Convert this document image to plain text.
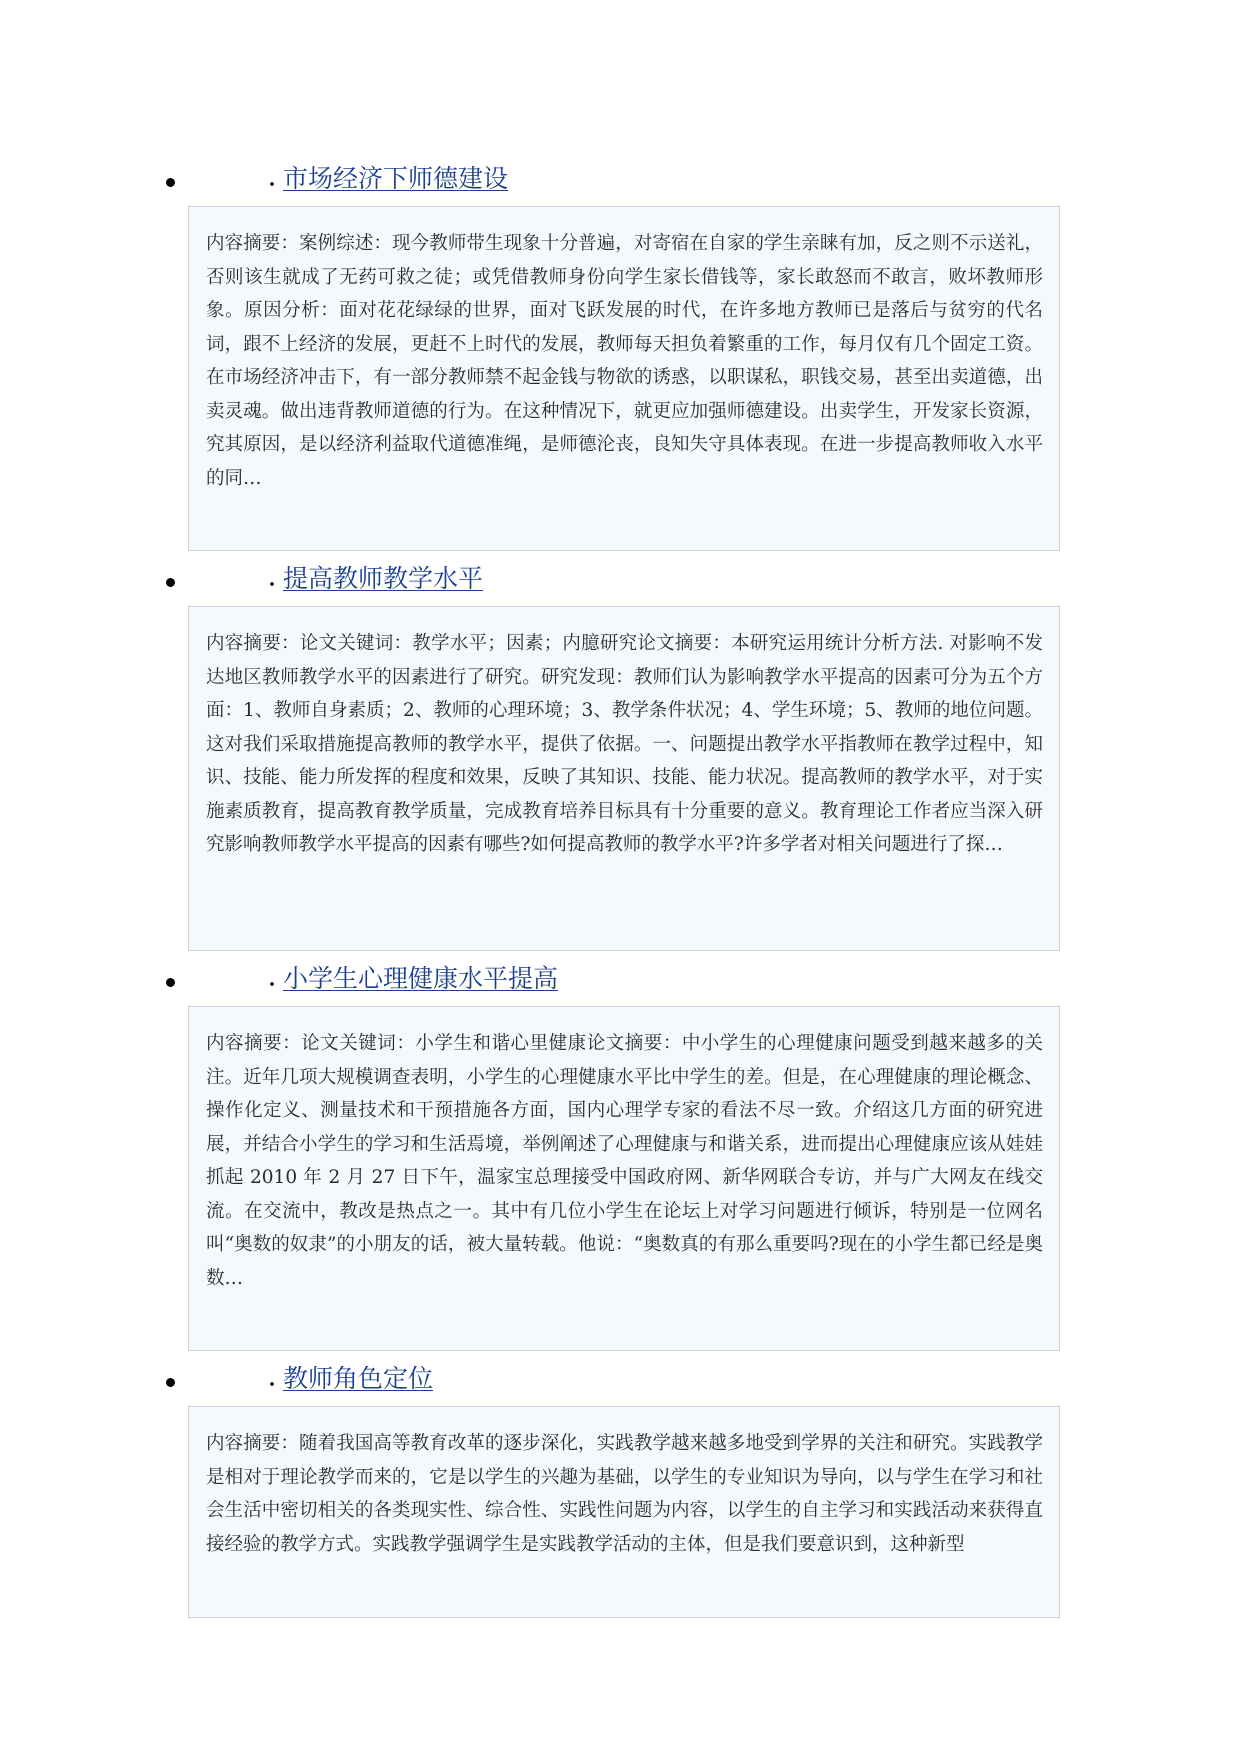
市场经济下师德建设

内容摘要：案例综述：现今教师带生现象十分普遍，对寄宿在自家的学生亲睐有加，反之则不示送礼，否则该生就成了无药可救之徒；或凭借教师身份向学生家长借钱等，家长敢怒而不敢言，败坏教师形象。原因分析：面对花花绿绿的世界，面对飞跃发展的时代，在许多地方教师已是落后与贫穷的代名词，跟不上经济的发展，更赶不上时代的发展，教师每天担负着繁重的工作，每月仅有几个固定工资。在市场经济冲击下，有一部分教师禁不起金钱与物欲的诱惑，以职谋私，职钱交易，甚至出卖道德，出卖灵魂。做出违背教师道德的行为。在这种情况下，就更应加强师德建设。出卖学生，开发家长资源，究其原因，是以经济利益取代道德准绳，是师德沦丧，良知失守具体表现。在进一步提高教师收入水平的同…

提高教师教学水平

内容摘要：论文关键词：教学水平；因素；内臆研究论文摘要：本研究运用统计分析方法. 对影响不发达地区教师教学水平的因素进行了研究。研究发现：教师们认为影响教学水平提高的因素可分为五个方面：1、教师自身素质；2、教师的心理环境；3、教学条件状况；4、学生环境；5、教师的地位问题。这对我们采取措施提高教师的教学水平，提供了依据。一、问题提出教学水平指教师在教学过程中，知识、技能、能力所发挥的程度和效果，反映了其知识、技能、能力状况。提高教师的教学水平，对于实施素质教育，提高教育教学质量，完成教育培养目标具有十分重要的意义。教育理论工作者应当深入研究影响教师教学水平提高的因素有哪些?如何提高教师的教学水平?许多学者对相关问题进行了探…

小学生心理健康水平提高

内容摘要：论文关键词：小学生和谐心里健康论文摘要：中小学生的心理健康问题受到越来越多的关注。近年几项大规模调查表明，小学生的心理健康水平比中学生的差。但是，在心理健康的理论概念、操作化定义、测量技术和干预措施各方面，国内心理学专家的看法不尽一致。介绍这几方面的研究进展，并结合小学生的学习和生活焉境，举例阐述了心理健康与和谐关系，进而提出心理健康应该从娃娃抓起 2010 年 2 月 27 日下午，温家宝总理接受中国政府网、新华网联合专访，并与广大网友在线交流。在交流中，教改是热点之一。其中有几位小学生在论坛上对学习问题进行倾诉，特别是一位网名叫“奥数的奴隶”的小朋友的话，被大量转载。他说：“奥数真的有那么重要吗?现在的小学生都已经是奥数…

教师角色定位

内容摘要：随着我国高等教育改革的逐步深化，实践教学越来越多地受到学界的关注和研究。实践教学是相对于理论教学而来的，它是以学生的兴趣为基础，以学生的专业知识为导向，以与学生在学习和社会生活中密切相关的各类现实性、综合性、实践性问题为内容，以学生的自主学习和实践活动来获得直接经验的教学方式。实践教学强调学生是实践教学活动的主体，但是我们要意识到，这种新型
